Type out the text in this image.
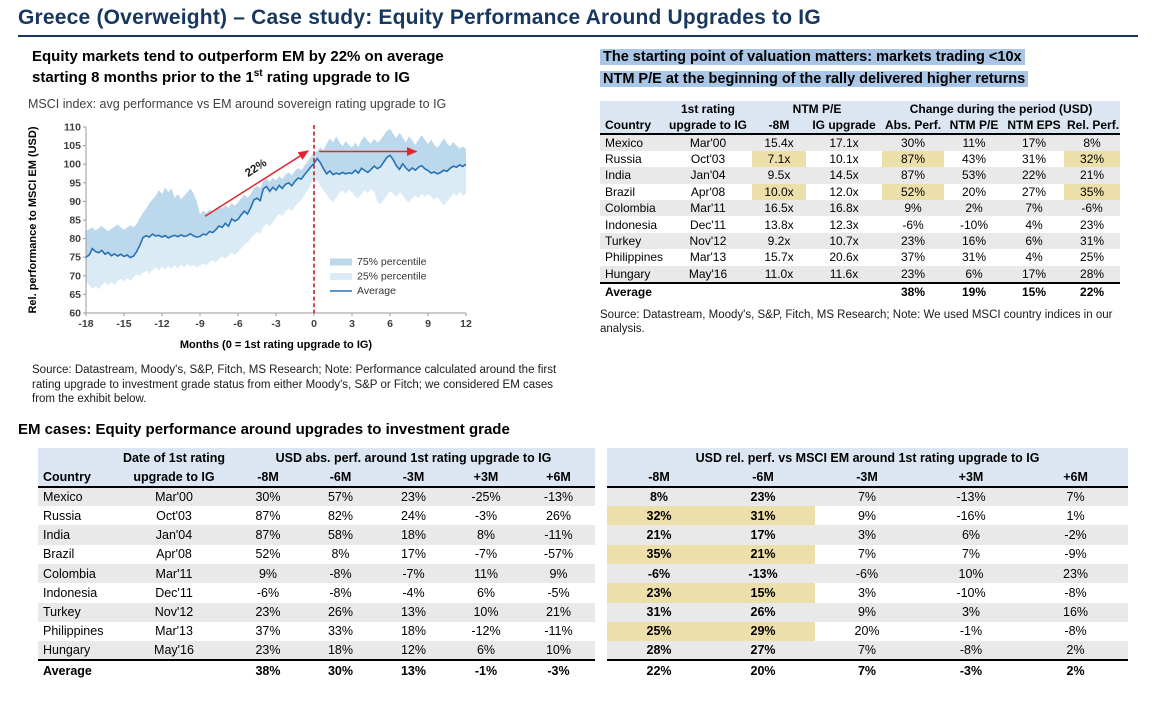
Greece (Overweight) – Case study: Equity Performance Around Upgrades to IG
Equity markets tend to outperform EM by 22% on average
starting 8 months prior to the 1st rating upgrade to IG
MSCI index: avg performance vs EM around sovereign rating upgrade to IG
-18 -15 -12 -9	-6	-3	0	3	6	9	12
60
65
70
75
80
85
90
95
100
105
110
22%
Months (0 = 1st rating upgrade to IG)
Rel. performance to MSCI EM (USD)	75% percentile
25% percentile
Average

Source: Datastream, Moody's, S&P, Fitch, MS Research; Note: Performance calculated around the first rating upgrade to investment grade status from either Moody's, S&P or Fitch; we considered EM cases from the exhibit below.

The starting point of valuation matters: markets trading <10x
NTM P/E at the beginning of the rally delivered higher returns
	1st rating	NTM P/E		Change during the period (USD)			
Country	upgrade to IG	-8M	IG upgrade	Abs. Perf.	NTM P/E	NTM EPS	Rel. Perf.
Mexico	Mar'00	15.4x	17.1x	30%	11%	17%	8%
Russia	Oct'03	7.1x	10.1x	87%	43%	31%	32%
India	Jan'04	9.5x	14.5x	87%	53%	22%	21%
Brazil	Apr'08	10.0x	12.0x	52%	20%	27%	35%
Colombia	Mar'11	16.5x	16.8x	9%	2%	7%	-6%
Indonesia	Dec'11	13.8x	12.3x	-6%	-10%	4%	23%
Turkey	Nov'12	9.2x	10.7x	23%	16%	6%	31%
Philippines	Mar'13	15.7x	20.6x	37%	31%	4%	25%
Hungary	May'16	11.0x	11.6x	23%	6%	17%	28%
Average				38%	19%	15%	22%

Source: Datastream, Moody's, S&P, Fitch, MS Research; Note: We used MSCI country indices in our analysis.

EM cases: Equity performance around upgrades to investment grade
	Date of 1st rating	USD abs. perf. around 1st rating upgrade to IG				
Country	upgrade to IG	-8M	-6M	-3M	+3M	+6M
Mexico	Mar'00	30%	57%	23%	-25%	-13%
Russia	Oct'03	87%	82%	24%	-3%	26%
India	Jan'04	87%	58%	18%	8%	-11%
Brazil	Apr'08	52%	8%	17%	-7%	-57%
Colombia	Mar'11	9%	-8%	-7%	11%	9%
Indonesia	Dec'11	-6%	-8%	-4%	6%	-5%
Turkey	Nov'12	23%	26%	13%	10%	21%
Philippines	Mar'13	37%	33%	18%	-12%	-11%
Hungary	May'16	23%	18%	12%	6%	10%
Average		38%	30%	13%	-1%	-3%
USD rel. perf. vs MSCI EM around 1st rating upgrade to IG				
-8M	-6M	-3M	+3M	+6M
8%	23%	7%	-13%	7%
32%	31%	9%	-16%	1%
21%	17%	3%	6%	-2%
35%	21%	7%	7%	-9%
-6%	-13%	-6%	10%	23%
23%	15%	3%	-10%	-8%
31%	26%	9%	3%	16%
25%	29%	20%	-1%	-8%
28%	27%	7%	-8%	2%
22%	20%	7%	-3%	2%
